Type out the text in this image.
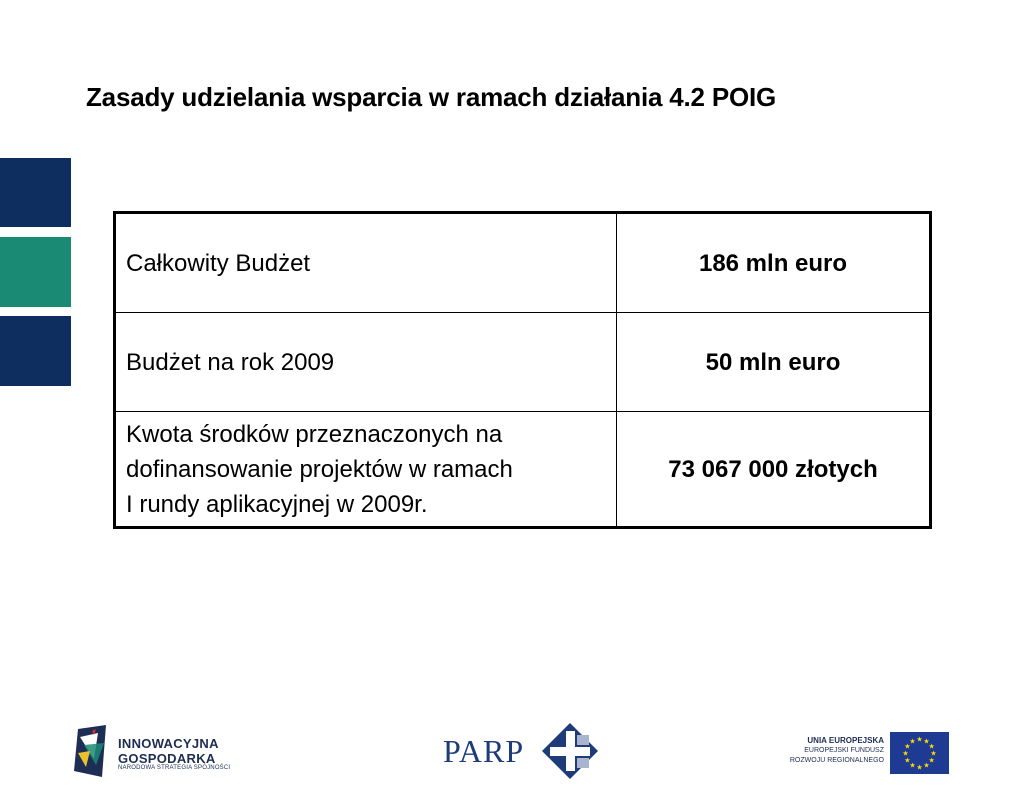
Zasady udzielania wsparcia w ramach działania 4.2 POIG
Całkowity Budżet	186 mln euro
Budżet na rok 2009	50 mln euro
Kwota środków przeznaczonych na
dofinansowanie projektów w ramach
I rundy aplikacyjnej w 2009r.	73 067 000 złotych
INNOWACYJNA
GOSPODARKA
NARODOWA STRATEGIA SPÓJNOŚCI	PARP	UNIA EUROPEJSKA
EUROPEJSKI FUNDUSZ
ROZWOJU REGIONALNEGO
★ ★
★
★
★
★
★
★
★
★
★
★
